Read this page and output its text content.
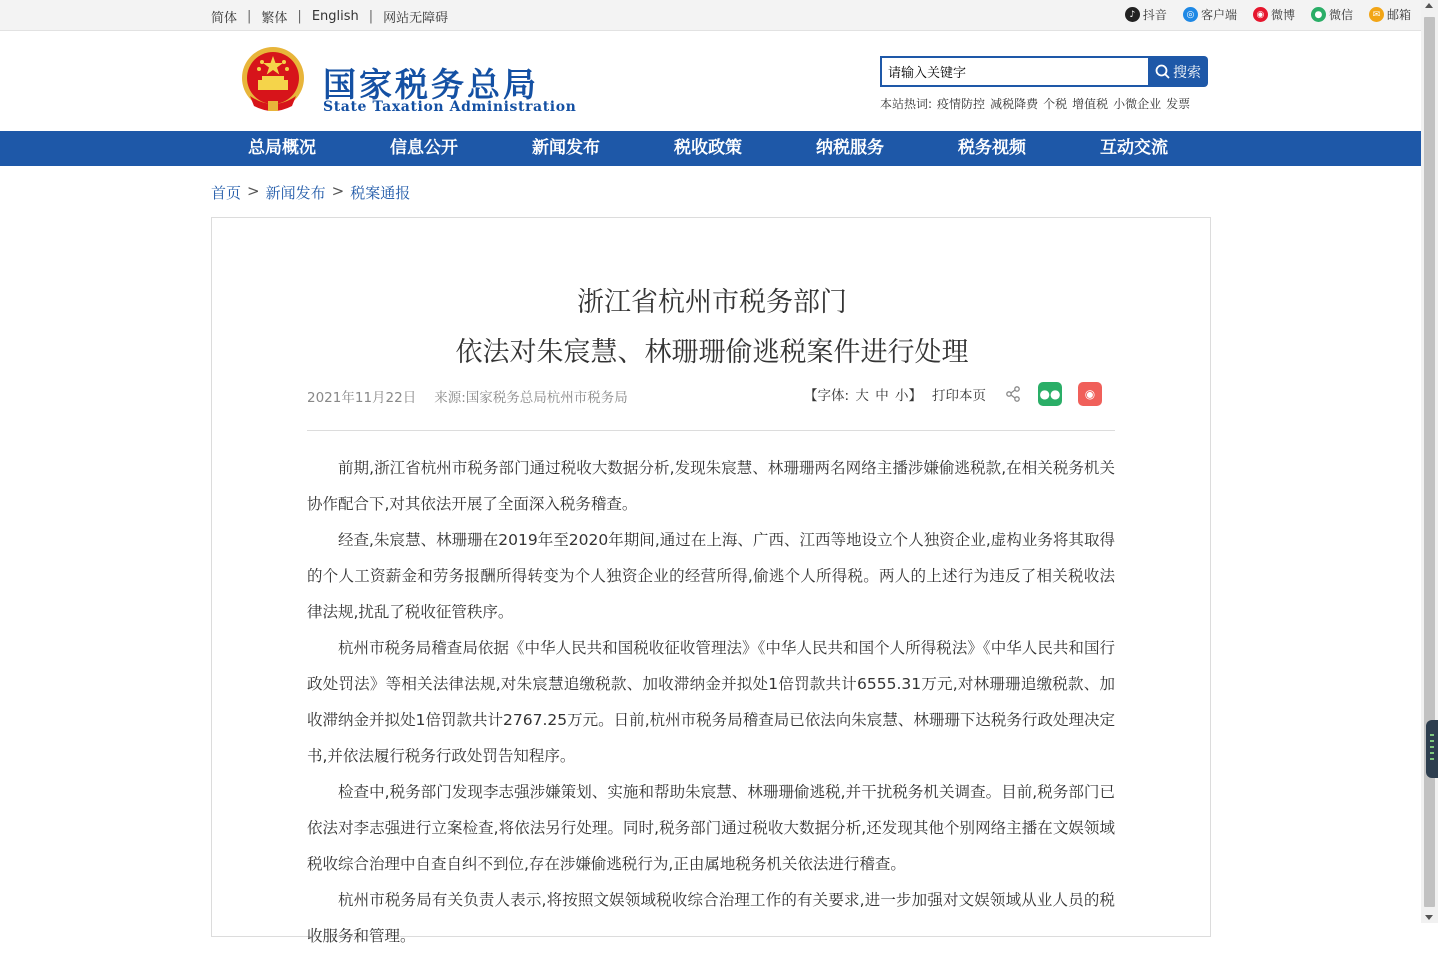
简体 | 繁体 | English | 网站无障碍	♪ 抖音	◎ 客户端	◉ 微博	● 微信	✉ 邮箱
国家税务总局
State Taxation Administration
请输入关键字
搜索
本站热词: 疫情防控 减税降费 个税 增值税 小微企业 发票
总局概况	信息公开	新闻发布	税收政策	纳税服务	税务视频	互动交流
首页 > 新闻发布 > 税案通报
浙江省杭州市税务部门
依法对朱宸慧、林珊珊偷逃税案件进行处理
2021年11月22日 来源:国家税务总局杭州市税务局	【字体: 大 中 小】 打印本页	●●	◉

前期,浙江省杭州市税务部门通过税收大数据分析,发现朱宸慧、林珊珊两名网络主播涉嫌偷逃税款,在相关税务机关协作配合下,对其依法开展了全面深入税务稽查。

经查,朱宸慧、林珊珊在2019年至2020年期间,通过在上海、广西、江西等地设立个人独资企业,虚构业务将其取得的个人工资薪金和劳务报酬所得转变为个人独资企业的经营所得,偷逃个人所得税。两人的上述行为违反了相关税收法律法规,扰乱了税收征管秩序。

杭州市税务局稽查局依据《中华人民共和国税收征收管理法》《中华人民共和国个人所得税法》《中华人民共和国行政处罚法》等相关法律法规,对朱宸慧追缴税款、加收滞纳金并拟处1倍罚款共计6555.31万元,对林珊珊追缴税款、加收滞纳金并拟处1倍罚款共计2767.25万元。日前,杭州市税务局稽查局已依法向朱宸慧、林珊珊下达税务行政处理决定书,并依法履行税务行政处罚告知程序。

检查中,税务部门发现李志强涉嫌策划、实施和帮助朱宸慧、林珊珊偷逃税,并干扰税务机关调查。目前,税务部门已依法对李志强进行立案检查,将依法另行处理。同时,税务部门通过税收大数据分析,还发现其他个别网络主播在文娱领域税收综合治理中自查自纠不到位,存在涉嫌偷逃税行为,正由属地税务机关依法进行稽查。

杭州市税务局有关负责人表示,将按照文娱领域税收综合治理工作的有关要求,进一步加强对文娱领域从业人员的税收服务和管理。
